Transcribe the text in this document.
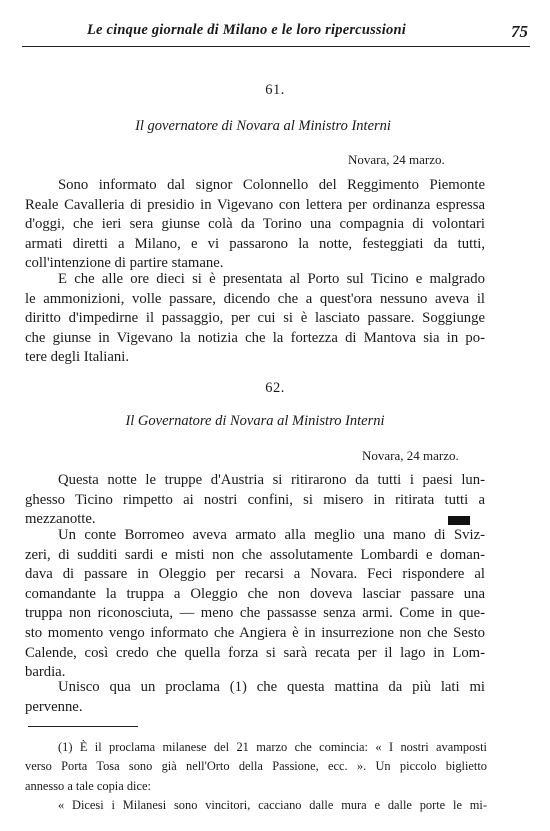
Le cinque giornale di Milano e le loro ripercussioni	75
61.
Il governatore di Novara al Ministro Interni
Novara, 24 marzo.
Sono informato dal signor Colonnello del Reggimento Piemonte
Reale Cavalleria di presidio in Vigevano con lettera per ordinanza espressa
d'oggi, che ieri sera giunse colà da Torino una compagnia di volontari
armati diretti a Milano, e vi passarono la notte, festeggiati da tutti,
coll'intenzione di partire stamane.
E che alle ore dieci si è presentata al Porto sul Ticino e malgrado
le ammonizioni, volle passare, dicendo che a quest'ora nessuno aveva il
diritto d'impedirne il passaggio, per cui si è lasciato passare. Soggiunge
che giunse in Vigevano la notizia che la fortezza di Mantova sia in po-
tere degli Italiani.
62.
Il Governatore di Novara al Ministro Interni
Novara, 24 marzo.
Questa notte le truppe d'Austria si ritirarono da tutti i paesi lun-
ghesso Ticino rimpetto ai nostri confini, si misero in ritirata tutti a
mezzanotte.
Un conte Borromeo aveva armato alla meglio una mano di Sviz-
zeri, di sudditi sardi e misti non che assolutamente Lombardi e doman-
dava di passare in Oleggio per recarsi a Novara. Feci rispondere al
comandante la truppa a Oleggio che non doveva lasciar passare una
truppa non riconosciuta, — meno che passasse senza armi. Come in que-
sto momento vengo informato che Angiera è in insurrezione non che Sesto
Calende, così credo che quella forza si sarà recata per il lago in Lom-
bardia.
Unisco qua un proclama (1) che questa mattina da più lati mi
pervenne.
(1) È il proclama milanese del 21 marzo che comincia: « I nostri avamposti
verso Porta Tosa sono già nell'Orto della Passione, ecc. ». Un piccolo biglietto
annesso a tale copia dice:
« Dicesi i Milanesi sono vincitori, cacciano dalle mura e dalle porte le mi-
